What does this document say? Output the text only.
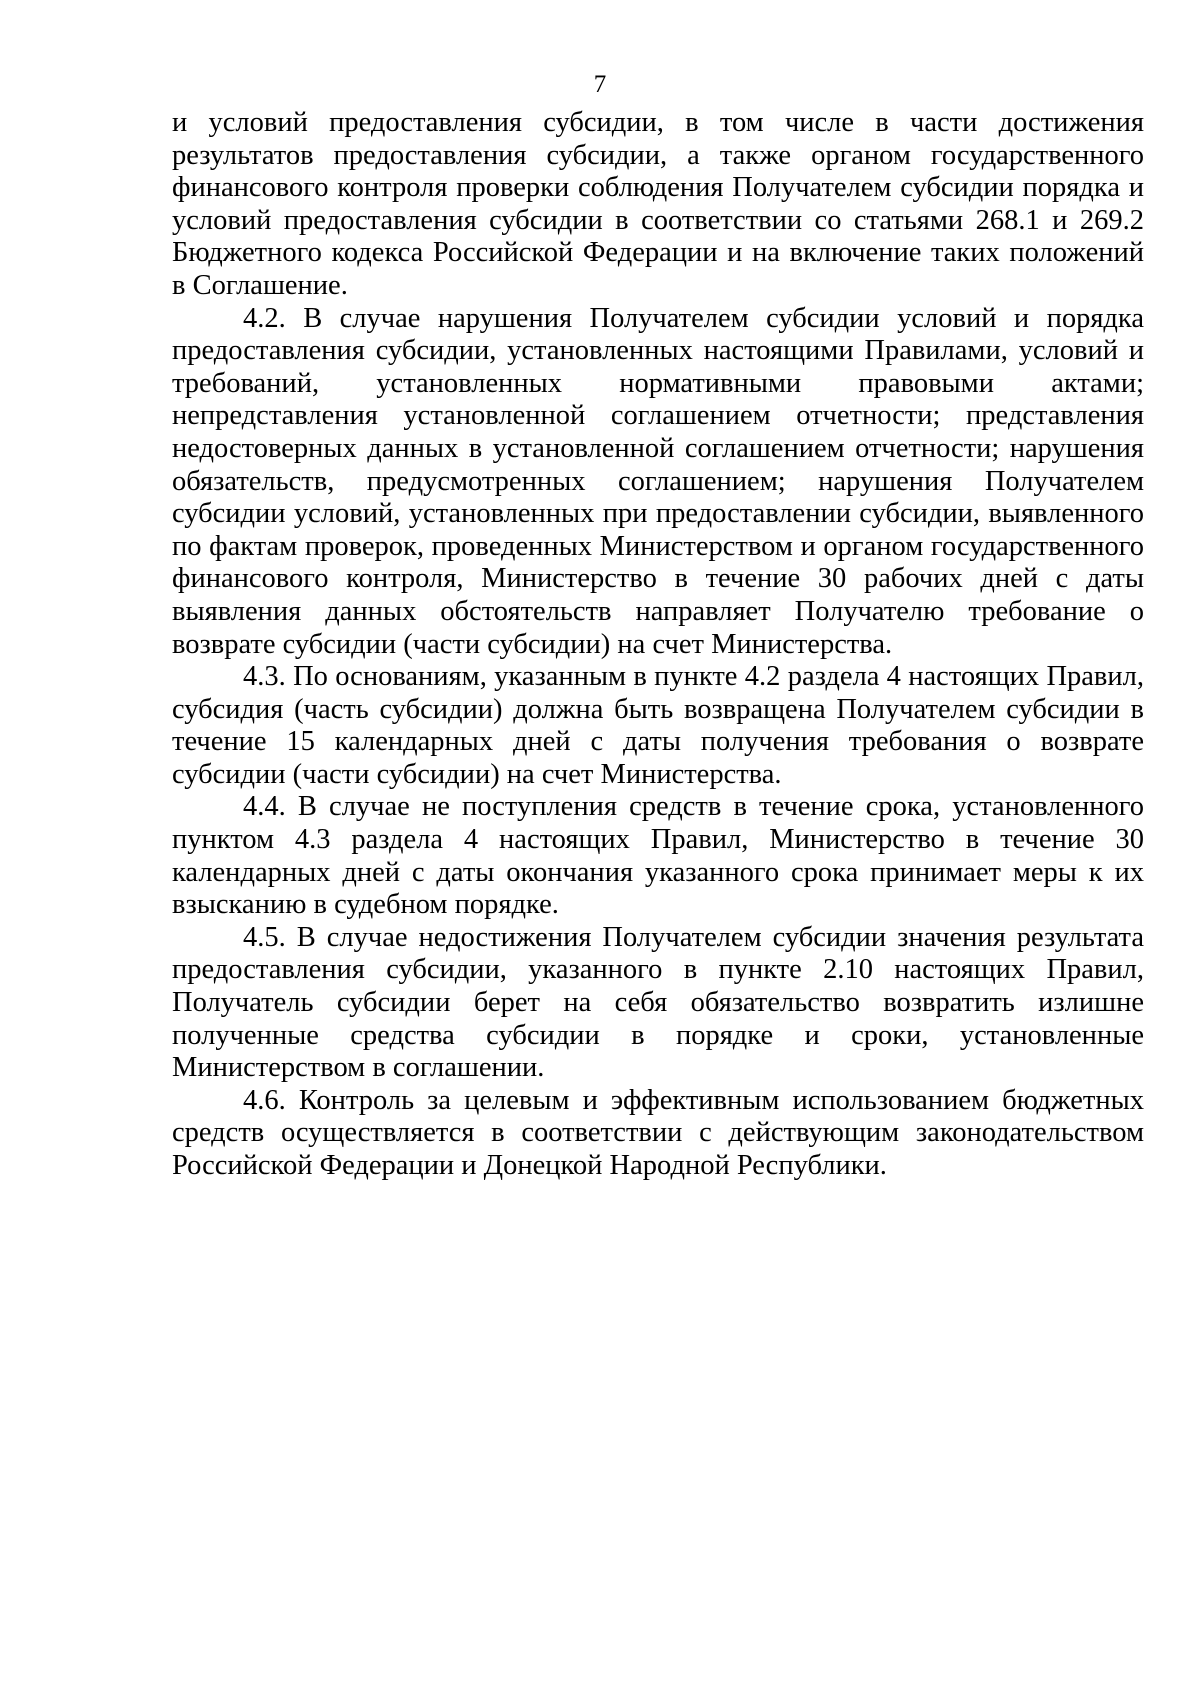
7

и условий предоставления субсидии, в том числе в части достижения результатов предоставления субсидии, а также органом государственного финансового контроля проверки соблюдения Получателем субсидии порядка и условий предоставления субсидии в соответствии со статьями 268.1 и 269.2 Бюджетного кодекса Российской Федерации и на включение таких положений в Соглашение.

4.2. В случае нарушения Получателем субсидии условий и порядка предоставления субсидии, установленных настоящими Правилами, условий и требований, установленных нормативными правовыми актами; непредставления установленной соглашением отчетности; представления недостоверных данных в установленной соглашением отчетности; нарушения обязательств, предусмотренных соглашением; нарушения Получателем субсидии условий, установленных при предоставлении субсидии, выявленного по фактам проверок, проведенных Министерством и органом государственного финансового контроля, Министерство в течение 30 рабочих дней с даты выявления данных обстоятельств направляет Получателю требование о возврате субсидии (части субсидии) на счет Министерства.

4.3. По основаниям, указанным в пункте 4.2 раздела 4 настоящих Правил, субсидия (часть субсидии) должна быть возвращена Получателем субсидии в течение 15 календарных дней с даты получения требования о возврате субсидии (части субсидии) на счет Министерства.

4.4. В случае не поступления средств в течение срока, установленного пунктом 4.3 раздела 4 настоящих Правил, Министерство в течение 30 календарных дней с даты окончания указанного срока принимает меры к их взысканию в судебном порядке.

4.5. В случае недостижения Получателем субсидии значения результата предоставления субсидии, указанного в пункте 2.10 настоящих Правил, Получатель субсидии берет на себя обязательство возвратить излишне полученные средства субсидии в порядке и сроки, установленные Министерством в соглашении.

4.6. Контроль за целевым и эффективным использованием бюджетных средств осуществляется в соответствии с действующим законодательством Российской Федерации и Донецкой Народной Республики.
